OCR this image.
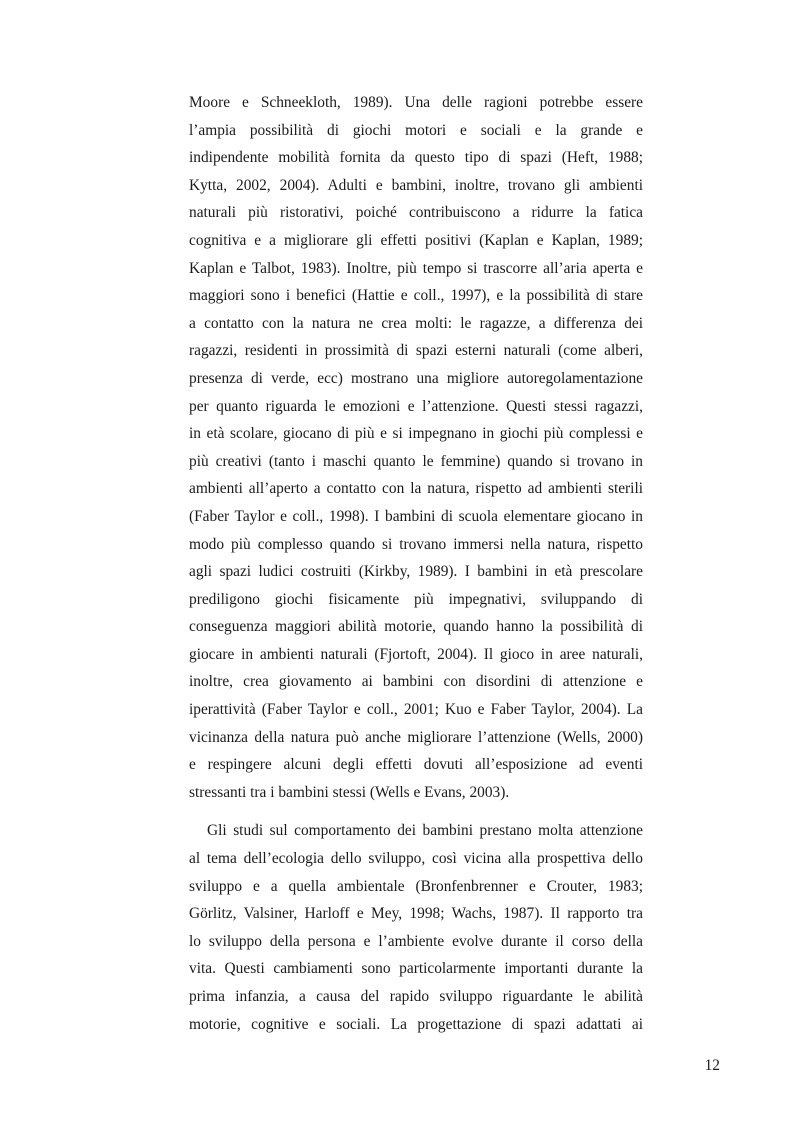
Moore e Schneekloth, 1989). Una delle ragioni potrebbe essere
l’ampia possibilità di giochi motori e sociali e la grande e
indipendente mobilità fornita da questo tipo di spazi (Heft, 1988;
Kytta, 2002, 2004). Adulti e bambini, inoltre, trovano gli ambienti
naturali più ristorativi, poiché contribuiscono a ridurre la fatica
cognitiva e a migliorare gli effetti positivi (Kaplan e Kaplan, 1989;
Kaplan e Talbot, 1983). Inoltre, più tempo si trascorre all’aria aperta e
maggiori sono i benefici (Hattie e coll., 1997), e la possibilità di stare
a contatto con la natura ne crea molti: le ragazze, a differenza dei
ragazzi, residenti in prossimità di spazi esterni naturali (come alberi,
presenza di verde, ecc) mostrano una migliore autoregolamentazione
per quanto riguarda le emozioni e l’attenzione. Questi stessi ragazzi,
in età scolare, giocano di più e si impegnano in giochi più complessi e
più creativi (tanto i maschi quanto le femmine) quando si trovano in
ambienti all’aperto a contatto con la natura, rispetto ad ambienti sterili
(Faber Taylor e coll., 1998). I bambini di scuola elementare giocano in
modo più complesso quando si trovano immersi nella natura, rispetto
agli spazi ludici costruiti (Kirkby, 1989). I bambini in età prescolare
prediligono giochi fisicamente più impegnativi, sviluppando di
conseguenza maggiori abilità motorie, quando hanno la possibilità di
giocare in ambienti naturali (Fjortoft, 2004). Il gioco in aree naturali,
inoltre, crea giovamento ai bambini con disordini di attenzione e
iperattività (Faber Taylor e coll., 2001; Kuo e Faber Taylor, 2004). La
vicinanza della natura può anche migliorare l’attenzione (Wells, 2000)
e respingere alcuni degli effetti dovuti all’esposizione ad eventi
stressanti tra i bambini stessi (Wells e Evans, 2003).
Gli studi sul comportamento dei bambini prestano molta attenzione
al tema dell’ecologia dello sviluppo, così vicina alla prospettiva dello
sviluppo e a quella ambientale (Bronfenbrenner e Crouter, 1983;
Görlitz, Valsiner, Harloff e Mey, 1998; Wachs, 1987). Il rapporto tra
lo sviluppo della persona e l’ambiente evolve durante il corso della
vita. Questi cambiamenti sono particolarmente importanti durante la
prima infanzia, a causa del rapido sviluppo riguardante le abilità
motorie, cognitive e sociali. La progettazione di spazi adattati ai
12
